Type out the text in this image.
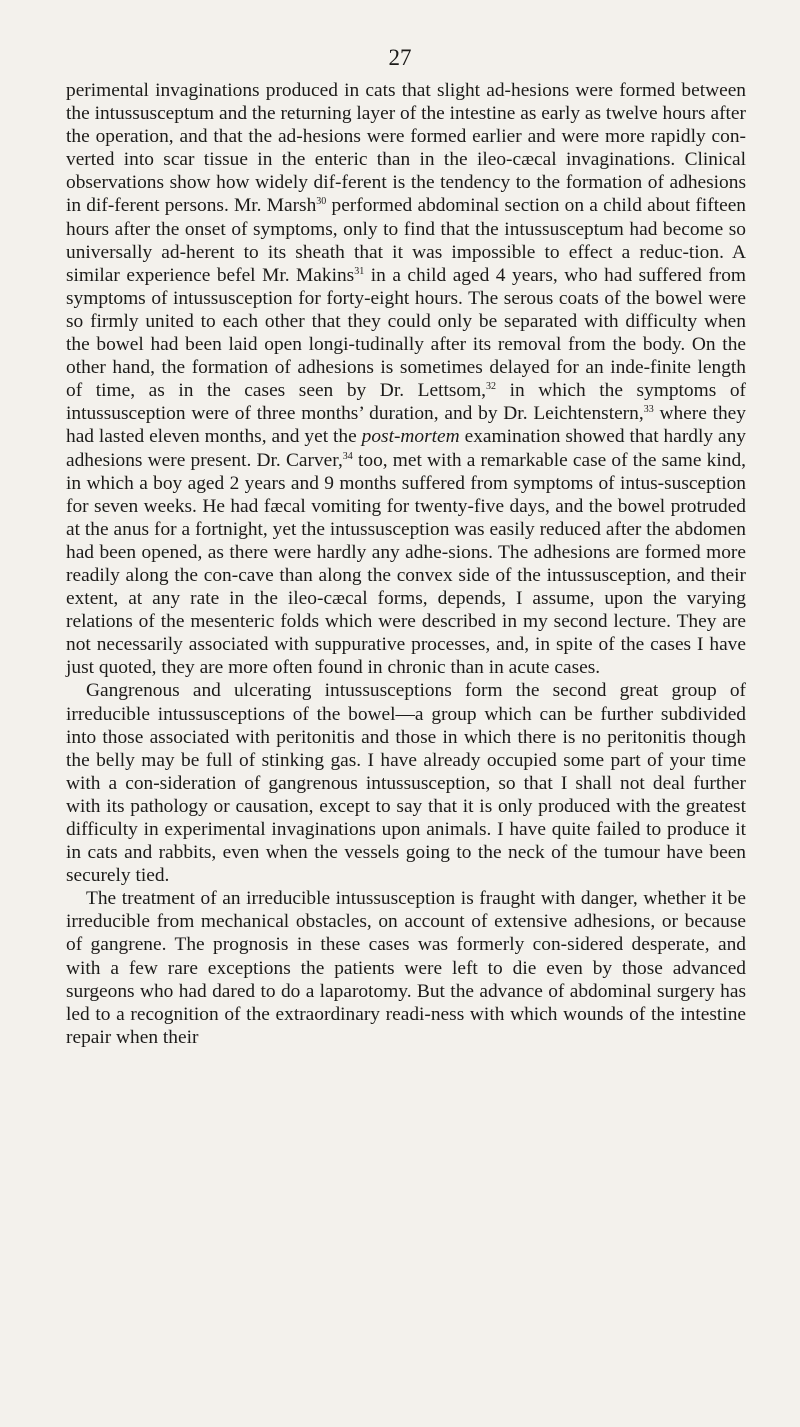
27

perimental invaginations produced in cats that slight ad-hesions were formed between the intussusceptum and the returning layer of the intestine as early as twelve hours after the operation, and that the ad-hesions were formed earlier and were more rapidly con-verted into scar tissue in the enteric than in the ileo-cæcal invaginations. Clinical observations show how widely dif-ferent is the tendency to the formation of adhesions in dif-ferent persons. Mr. Marsh$^{30}$ performed abdominal section on a child about fifteen hours after the onset of symptoms, only to find that the intussusceptum had become so universally ad-herent to its sheath that it was impossible to effect a reduc-tion. A similar experience befel Mr. Makins$^{31}$ in a child aged 4 years, who had suffered from symptoms of intussusception for forty-eight hours. The serous coats of the bowel were so firmly united to each other that they could only be separated with difficulty when the bowel had been laid open longi-tudinally after its removal from the body. On the other hand, the formation of adhesions is sometimes delayed for an inde-finite length of time, as in the cases seen by Dr. Lettsom,$^{32}$ in which the symptoms of intussusception were of three months’ duration, and by Dr. Leichtenstern,$^{33}$ where they had lasted eleven months, and yet the post-mortem examination showed that hardly any adhesions were present. Dr. Carver,$^{34}$ too, met with a remarkable case of the same kind, in which a boy aged 2 years and 9 months suffered from symptoms of intus-susception for seven weeks. He had fæcal vomiting for twenty-five days, and the bowel protruded at the anus for a fortnight, yet the intussusception was easily reduced after the abdomen had been opened, as there were hardly any adhe-sions. The adhesions are formed more readily along the con-cave than along the convex side of the intussusception, and their extent, at any rate in the ileo-cæcal forms, depends, I assume, upon the varying relations of the mesenteric folds which were described in my second lecture. They are not necessarily associated with suppurative processes, and, in spite of the cases I have just quoted, they are more often found in chronic than in acute cases.

Gangrenous and ulcerating intussusceptions form the second great group of irreducible intussusceptions of the bowel—a group which can be further subdivided into those associated with peritonitis and those in which there is no peritonitis though the belly may be full of stinking gas. I have already occupied some part of your time with a con-sideration of gangrenous intussusception, so that I shall not deal further with its pathology or causation, except to say that it is only produced with the greatest difficulty in experimental invaginations upon animals. I have quite failed to produce it in cats and rabbits, even when the vessels going to the neck of the tumour have been securely tied.

The treatment of an irreducible intussusception is fraught with danger, whether it be irreducible from mechanical obstacles, on account of extensive adhesions, or because of gangrene. The prognosis in these cases was formerly con-sidered desperate, and with a few rare exceptions the patients were left to die even by those advanced surgeons who had dared to do a laparotomy. But the advance of abdominal surgery has led to a recognition of the extraordinary readi-ness with which wounds of the intestine repair when their
